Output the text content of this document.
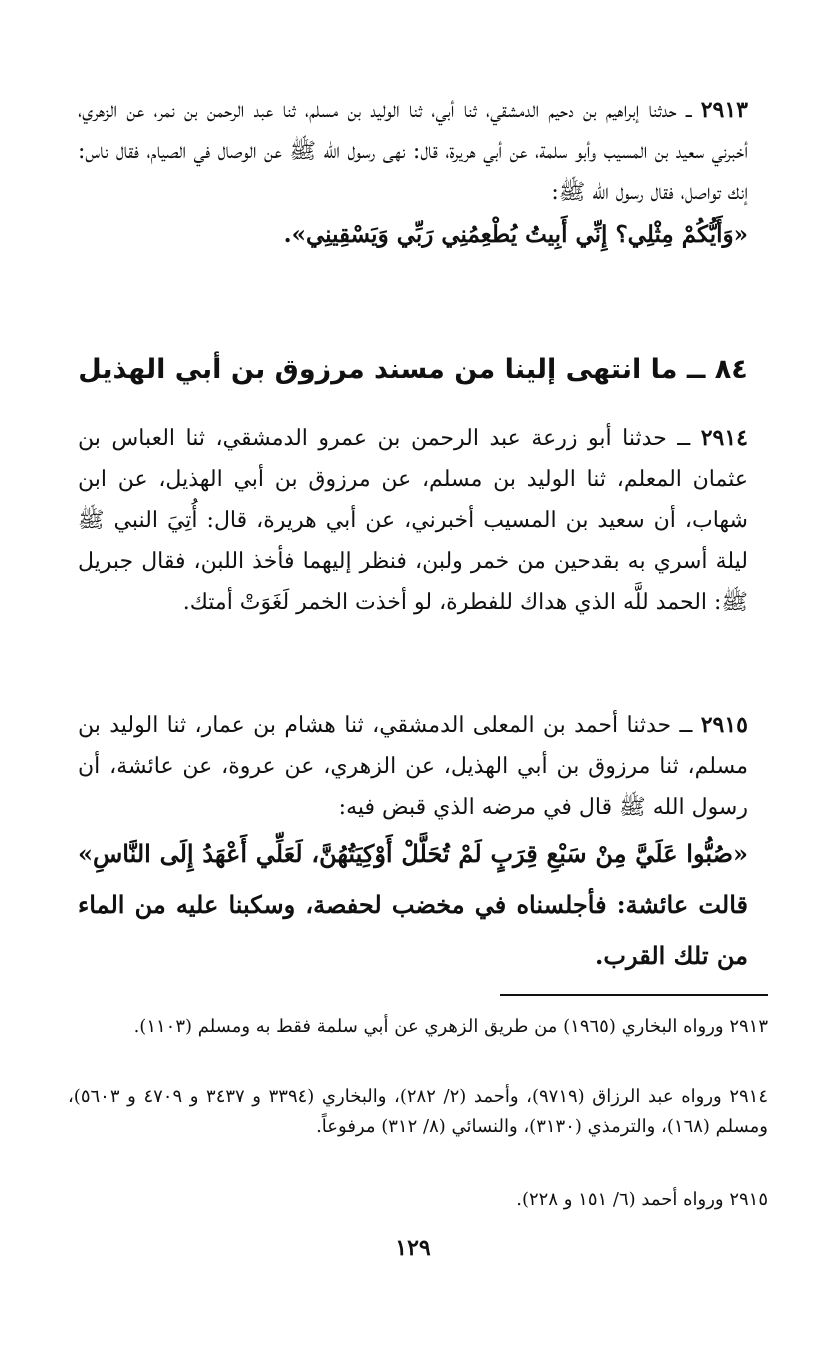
٢٩١٣ ــ حدثنا إبراهيم بن دحيم الدمشقي، ثنا أبي، ثنا الوليد بن مسلم، ثنا عبد الرحمن بن نمر، عن الزهري، أخبرني سعيد بن المسيب وأبو سلمة، عن أبي هريرة، قال: نهى رسول الله ﷺ عن الوصال في الصيام، فقال ناس: إنك تواصل، فقال رسول الله ﷺ:

«وَأَيُّكُمْ مِثْلِي؟ إِنِّي أَبِيتُ يُطْعِمُنِي رَبِّي وَيَسْقِينِي».

٨٤ ــ ما انتهى إلينا من مسند مرزوق بن أبي الهذيل

٢٩١٤ ــ حدثنا أبو زرعة عبد الرحمن بن عمرو الدمشقي، ثنا العباس بن عثمان المعلم، ثنا الوليد بن مسلم، عن مرزوق بن أبي الهذيل، عن ابن شهاب، أن سعيد بن المسيب أخبرني، عن أبي هريرة، قال: أُتِيَ النبي ﷺ ليلة أسري به بقدحين من خمر ولبن، فنظر إليهما فأخذ اللبن، فقال جبريل ﷺ: الحمد للَّه الذي هداك للفطرة، لو أخذت الخمر لَغَوَتْ أمتك.

٢٩١٥ ــ حدثنا أحمد بن المعلى الدمشقي، ثنا هشام بن عمار، ثنا الوليد بن مسلم، ثنا مرزوق بن أبي الهذيل، عن الزهري، عن عروة، عن عائشة، أن رسول الله ﷺ قال في مرضه الذي قبض فيه:

«صُبُّوا عَلَيَّ مِنْ سَبْعِ قِرَبٍ لَمْ تُحَلَّلْ أَوْكِيَتُهُنَّ، لَعَلِّي أَعْهَدُ إِلَى النَّاسِ» قالت عائشة: فأجلسناه في مخضب لحفصة، وسكبنا عليه من الماء من تلك القرب.

٢٩١٣ ورواه البخاري (١٩٦٥) من طريق الزهري عن أبي سلمة فقط به ومسلم (١١٠٣).

٢٩١٤ ورواه عبد الرزاق (٩٧١٩)، وأحمد (٢/ ٢٨٢)، والبخاري (٣٣٩٤ و ٣٤٣٧ و ٤٧٠٩ و ٥٦٠٣)، ومسلم (١٦٨)، والترمذي (٣١٣٠)، والنسائي (٨/ ٣١٢) مرفوعاً.

٢٩١٥ ورواه أحمد (٦/ ١٥١ و ٢٢٨).

١٢٩
